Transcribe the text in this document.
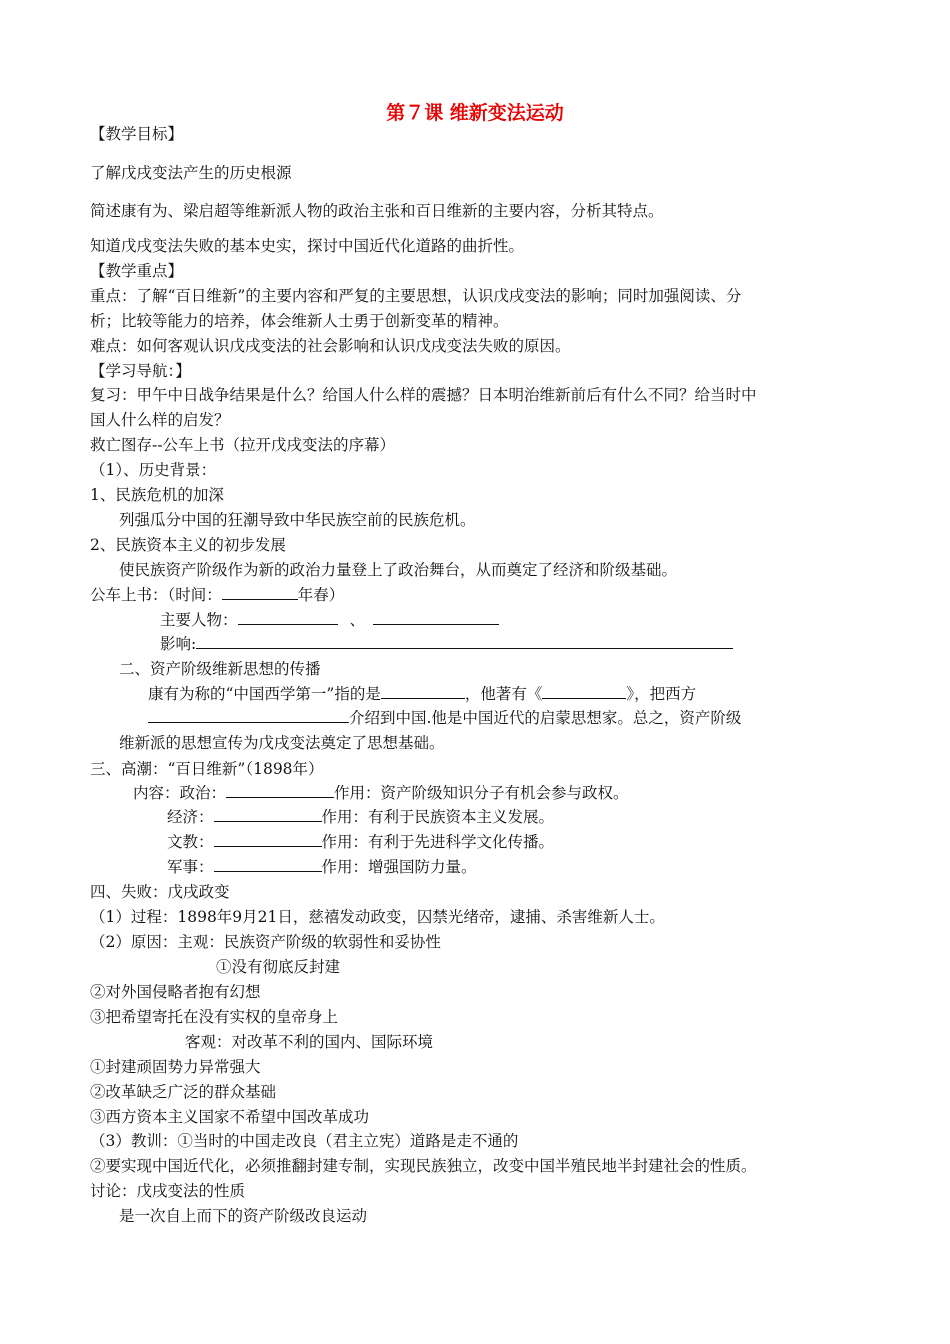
第７课 维新变法运动
【教学目标】
了解戊戌变法产生的历史根源
简述康有为、梁启超等维新派人物的政治主张和百日维新的主要内容，分析其特点。
知道戊戌变法失败的基本史实，探讨中国近代化道路的曲折性。
【教学重点】
重点：了解“百日维新”的主要内容和严复的主要思想，认识戊戌变法的影响；同时加强阅读、分
析；比较等能力的培养，体会维新人士勇于创新变革的精神。
难点：如何客观认识戊戌变法的社会影响和认识戊戌变法失败的原因。
【学习导航：】
复习：甲午中日战争结果是什么？给国人什么样的震撼？日本明治维新前后有什么不同？给当时中
国人什么样的启发？
救亡图存--公车上书（拉开戊戌变法的序幕）
（1）、历史背景：
1、民族危机的加深
列强瓜分中国的狂潮导致中华民族空前的民族危机。
2、民族资本主义的初步发展
使民族资产阶级作为新的政治力量登上了政治舞台，从而奠定了经济和阶级基础。
公车上书：（时间：	年春）
主要人物：	、
影响:
二、资产阶级维新思想的传播
康有为称的“中国西学第一”指的是	，他著有《	》，把西方
介绍到中国.他是中国近代的启蒙思想家。总之，资产阶级
维新派的思想宣传为戊戌变法奠定了思想基础。
三、高潮：“百日维新”（1898年）
内容：政治：	作用：资产阶级知识分子有机会参与政权。
经济：	作用：有利于民族资本主义发展。
文教：	作用：有利于先进科学文化传播。
军事：	作用：增强国防力量。
四、失败：戊戌政变
（1）过程：1898年9月21日，慈禧发动政变，囚禁光绪帝，逮捕、杀害维新人士。
（2）原因：主观：民族资产阶级的软弱性和妥协性
①没有彻底反封建
②对外国侵略者抱有幻想
③把希望寄托在没有实权的皇帝身上
客观：对改革不利的国内、国际环境
①封建顽固势力异常强大
②改革缺乏广泛的群众基础
③西方资本主义国家不希望中国改革成功
（3）教训：①当时的中国走改良（君主立宪）道路是走不通的
②要实现中国近代化，必须推翻封建专制，实现民族独立，改变中国半殖民地半封建社会的性质。
讨论：戊戌变法的性质
是一次自上而下的资产阶级改良运动
